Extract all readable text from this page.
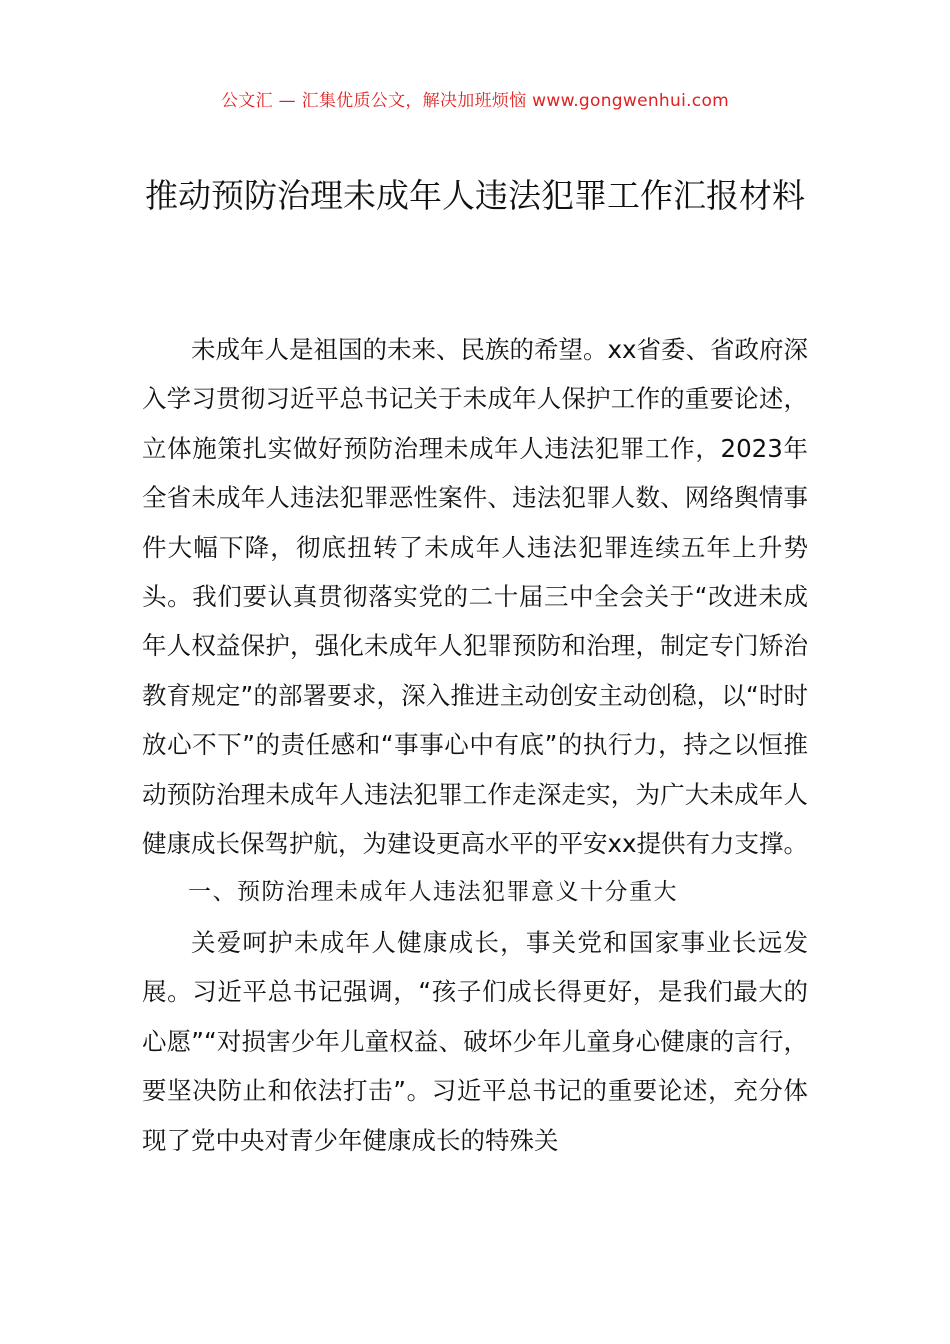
公文汇 — 汇集优质公文，解决加班烦恼 www.gongwenhui.com
推动预防治理未成年人违法犯罪工作汇报材料

未成年人是祖国的未来、民族的希望。xx省委、省政府深入学习贯彻习近平总书记关于未成年人保护工作的重要论述，立体施策扎实做好预防治理未成年人违法犯罪工作，2023年全省未成年人违法犯罪恶性案件、违法犯罪人数、网络舆情事件大幅下降，彻底扭转了未成年人违法犯罪连续五年上升势头。我们要认真贯彻落实党的二十届三中全会关于“改进未成年人权益保护，强化未成年人犯罪预防和治理，制定专门矫治教育规定”的部署要求，深入推进主动创安主动创稳，以“时时放心不下”的责任感和“事事心中有底”的执行力，持之以恒推动预防治理未成年人违法犯罪工作走深走实，为广大未成年人健康成长保驾护航，为建设更高水平的平安xx提供有力支撑。

一、预防治理未成年人违法犯罪意义十分重大

关爱呵护未成年人健康成长，事关党和国家事业长远发展。习近平总书记强调，“孩子们成长得更好，是我们最大的心愿”“对损害少年儿童权益、破坏少年儿童身心健康的言行，要坚决防止和依法打击”。习近平总书记的重要论述，充分体现了党中央对青少年健康成长的特殊关
